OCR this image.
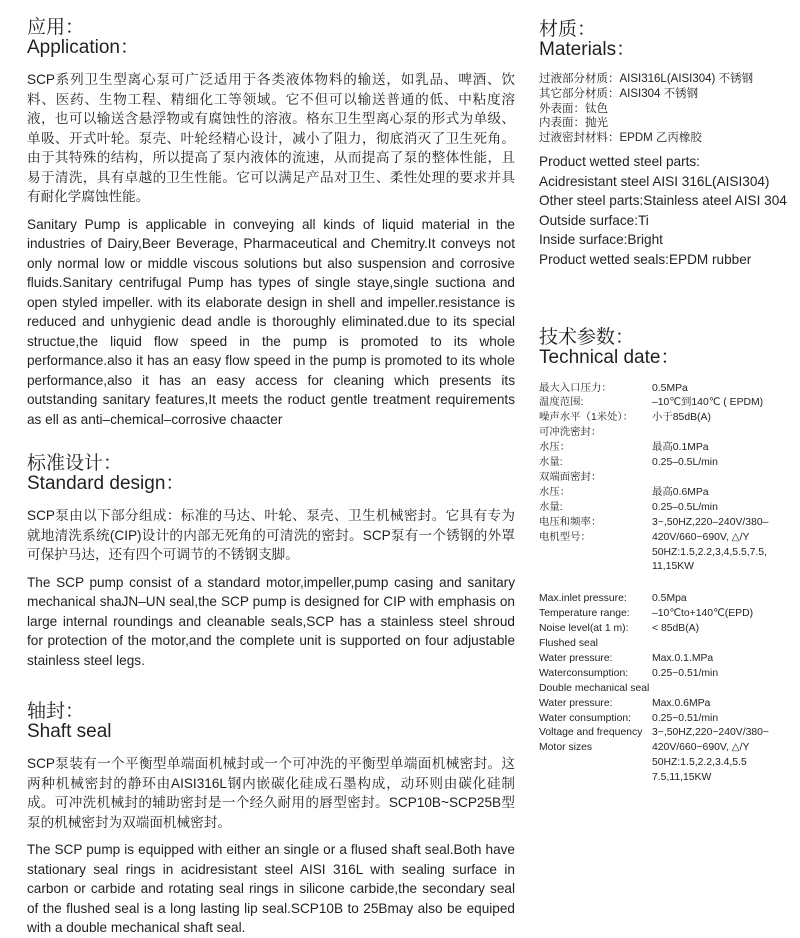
应用：
Application：

SCP系列卫生型离心泵可广泛适用于各类液体物料的输送，如乳品、啤酒、饮料、医药、生物工程、精细化工等领域。它不但可以输送普通的低、中粘度溶液，也可以输送含悬浮物或有腐蚀性的溶液。格东卫生型离心泵的形式为单级、单吸、开式叶轮。泵壳、叶轮经精心设计，减小了阻力，彻底消灭了卫生死角。由于其特殊的结构，所以提高了泵内液体的流速，从而提高了泵的整体性能，且易于清洗，具有卓越的卫生性能。它可以满足产品对卫生、柔性处理的要求并具有耐化学腐蚀性能。

Sanitary Pump is applicable in conveying all kinds of liquid material in the industries of Dairy,Beer Beverage, Pharmaceutical and Chemitry.It conveys not only normal low or middle viscous solutions but also suspension and corrosive fluids.Sanitary centrifugal Pump has types of single staye,single suctiona and open styled impeller. with its elaborate design in shell and impeller.resistance is reduced and unhygienic dead andle is thoroughly eliminated.due to its special structue,the liquid flow speed in the pump is promoted to its whole performance.also it has an easy flow speed in the pump is promoted to its whole performance,also it has an easy access for cleaning which presents its outstanding sanitary features,It meets the roduct gentle treatment requirements as ell as anti–chemical–corrosive chaacter

标准设计：
Standard design：

SCP泵由以下部分组成：标准的马达、叶轮、泵壳、卫生机械密封。它具有专为就地清洗系统(CIP)设计的内部无死角的可清洗的密封。SCP泵有一个锈钢的外罩可保护马达，还有四个可调节的不锈钢支脚。

The SCP pump consist of a standard motor,impeller,pump casing and sanitary mechanical shaJN–UN seal,the SCP pump is designed for CIP with emphasis on large internal roundings and cleanable seals,SCP has a stainless steel shroud for protection of the motor,and the complete unit is supported on four adjustable stainless steel legs.

轴封：
Shaft seal

SCP泵装有一个平衡型单端面机械封或一个可冲洗的平衡型单端面机械密封。这两种机械密封的静环由AISI316L钢内嵌碳化硅成石墨构成，动环则由碳化硅制成。可冲洗机械封的辅助密封是一个经久耐用的唇型密封。SCP10B~SCP25B型泵的机械密封为双端面机械密封。

The SCP pump is equipped with either an single or a flused shaft seal.Both have stationary seal rings in acidresistant steel AISI 316L with sealing surface in carbon or carbide and rotating seal rings in silicone carbide,the secondary seal of the flushed seal is a long lasting lip seal.SCP10B to 25Bmay also be equiped with a double mechanical shaft seal.

材质：
Materials：
过液部分材质：AISI316L(AISI304) 不锈钢
其它部分材质：AISI304 不锈钢
外表面：钛色
内表面：抛光
过液密封材料：EPDM 乙丙橡胶
Product wetted steel parts:
Acidresistant steel AISI 316L(AISI304)
Other steel parts:Stainless ateel AISI 304
Outside surface:Ti
Inside surface:Bright
Product wetted seals:EPDM rubber
技术参数：
Technical date：
最大入口压力：	0.5MPa
温度范围:	–10℃到140℃ ( EPDM)
噪声水平（1米处）：	小于85dB(A)
可冲洗密封：
水压：	最高0.1MPa
水量:	0.25–0.5L/min
双端面密封：
水压：	最高0.6MPa
水量:	0.25–0.5L/min
电压和频率：	3~,50HZ,220–240V/380–
电机型号：	420V/660~690V, △/Y
50HZ:1.5,2.2,3,4,5.5,7.5,
11,15KW
Max.inlet pressure:	0.5Mpa
Temperature range:	–10℃to+140℃(EPD)
Noise level(at 1 m):	< 85dB(A)
Flushed seal
Water pressure:	Max.0.1.MPa
Waterconsumption:	0.25~0.51/min
Double mechanical seal
Water pressure:	Max.0.6MPa
Water consumption:	0.25~0.51/min
Voltage and frequency 3~,50HZ,220~240V/380~
Motor sizes	420V/660~690V, △/Y
50HZ:1.5,2.2,3.4,5.5
7.5,11,15KW
